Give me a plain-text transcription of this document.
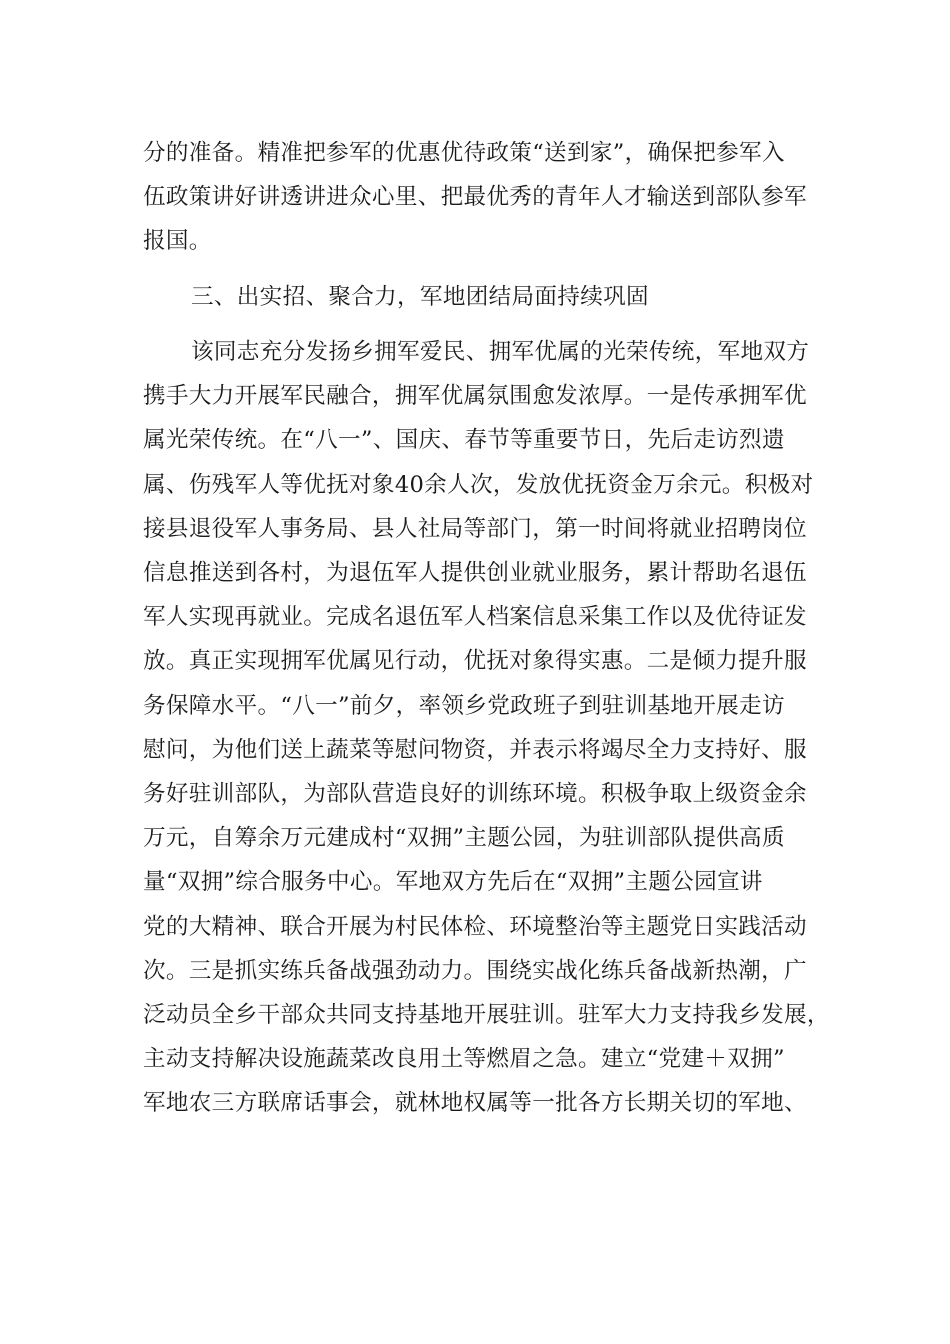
分的准备。精准把参军的优惠优待政策“送到家”，确保把参军入
伍政策讲好讲透讲进众心里、把最优秀的青年人才输送到部队参军
报国。
三、出实招、聚合力，军地团结局面持续巩固
该同志充分发扬乡拥军爱民、拥军优属的光荣传统，军地双方
携手大力开展军民融合，拥军优属氛围愈发浓厚。一是传承拥军优
属光荣传统。在“八一”、国庆、春节等重要节日，先后走访烈遗
属、伤残军人等优抚对象40余人次，发放优抚资金万余元。积极对
接县退役军人事务局、县人社局等部门，第一时间将就业招聘岗位
信息推送到各村，为退伍军人提供创业就业服务，累计帮助名退伍
军人实现再就业。完成名退伍军人档案信息采集工作以及优待证发
放。真正实现拥军优属见行动，优抚对象得实惠。二是倾力提升服
务保障水平。“八一”前夕，率领乡党政班子到驻训基地开展走访
慰问，为他们送上蔬菜等慰问物资，并表示将竭尽全力支持好、服
务好驻训部队，为部队营造良好的训练环境。积极争取上级资金余
万元，自筹余万元建成村“双拥”主题公园，为驻训部队提供高质
量“双拥”综合服务中心。军地双方先后在“双拥”主题公园宣讲
党的大精神、联合开展为村民体检、环境整治等主题党日实践活动
次。三是抓实练兵备战强劲动力。围绕实战化练兵备战新热潮，广
泛动员全乡干部众共同支持基地开展驻训。驻军大力支持我乡发展，
主动支持解决设施蔬菜改良用土等燃眉之急。建立“党建＋双拥”
军地农三方联席话事会，就林地权属等一批各方长期关切的军地、
